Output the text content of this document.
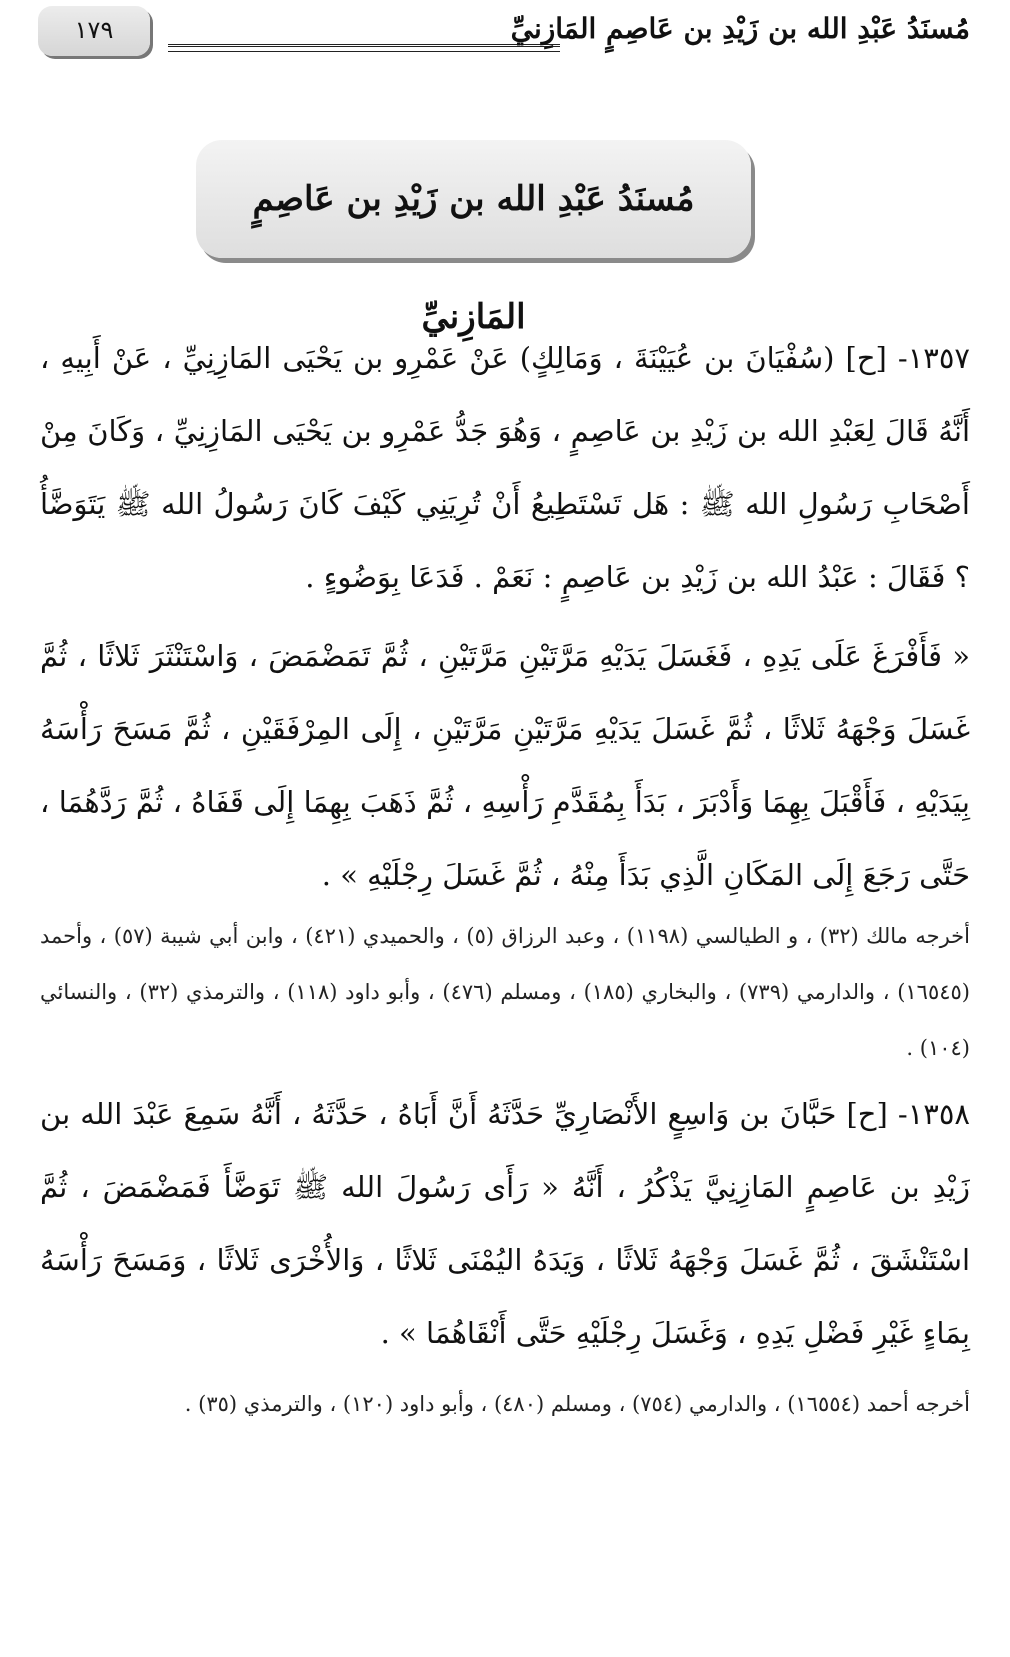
١٧٩	مُسنَدُ عَبْدِ الله بن زَيْدِ بن عَاصِمٍ المَازِنيِّ
مُسنَدُ عَبْدِ الله بن زَيْدِ بن عَاصِمٍ المَازِنيِّ

١٣٥٧- [ح] (سُفْيَانَ بن عُيَيْنَةَ ، وَمَالِكٍ) عَنْ عَمْرِو بن يَحْيَى المَازِنِيِّ ، عَنْ أَبِيهِ ، أَنَّهُ قَالَ لِعَبْدِ الله بن زَيْدِ بن عَاصِمٍ ، وَهُوَ جَدُّ عَمْرِو بن يَحْيَى المَازِنِيِّ ، وَكَانَ مِنْ أَصْحَابِ رَسُولِ الله ﷺ : هَل تَسْتَطِيعُ أَنْ تُرِيَنِي كَيْفَ كَانَ رَسُولُ الله ﷺ يَتَوَضَّأُ ؟ فَقَالَ : عَبْدُ الله بن زَيْدِ بن عَاصِمٍ : نَعَمْ . فَدَعَا بِوَضُوءٍ .

« فَأَفْرَغَ عَلَى يَدِهِ ، فَغَسَلَ يَدَيْهِ مَرَّتَيْنِ مَرَّتَيْنِ ، ثُمَّ تَمَضْمَضَ ، وَاسْتَنْثَرَ ثَلاثًا ، ثُمَّ غَسَلَ وَجْهَهُ ثَلاثًا ، ثُمَّ غَسَلَ يَدَيْهِ مَرَّتَيْنِ مَرَّتَيْنِ ، إِلَى المِرْفَقَيْنِ ، ثُمَّ مَسَحَ رَأْسَهُ بِيَدَيْهِ ، فَأَقْبَلَ بِهِمَا وَأَدْبَرَ ، بَدَأَ بِمُقَدَّمِ رَأْسِهِ ، ثُمَّ ذَهَبَ بِهِمَا إِلَى قَفَاهُ ، ثُمَّ رَدَّهُمَا ، حَتَّى رَجَعَ إِلَى المَكَانِ الَّذِي بَدَأَ مِنْهُ ، ثُمَّ غَسَلَ رِجْلَيْهِ » .

أخرجه مالك (٣٢) ، و الطيالسي (١١٩٨) ، وعبد الرزاق (٥) ، والحميدي (٤٢١) ، وابن أبي شيبة (٥٧) ، وأحمد (١٦٥٤٥) ، والدارمي (٧٣٩) ، والبخاري (١٨٥) ، ومسلم (٤٧٦) ، وأبو داود (١١٨) ، والترمذي (٣٢) ، والنسائي (١٠٤) .

١٣٥٨- [ح] حَبَّانَ بن وَاسِعٍ الأَنْصَارِيِّ حَدَّثَهُ أَنَّ أَبَاهُ ، حَدَّثَهُ ، أَنَّهُ سَمِعَ عَبْدَ الله بن زَيْدِ بن عَاصِمٍ المَازِنِيَّ يَذْكُرُ ، أَنَّهُ « رَأَى رَسُولَ الله ﷺ تَوَضَّأَ فَمَضْمَضَ ، ثُمَّ اسْتَنْشَقَ ، ثُمَّ غَسَلَ وَجْهَهُ ثَلاثًا ، وَيَدَهُ اليُمْنَى ثَلاثًا ، وَالأُخْرَى ثَلاثًا ، وَمَسَحَ رَأْسَهُ بِمَاءٍ غَيْرِ فَضْلِ يَدِهِ ، وَغَسَلَ رِجْلَيْهِ حَتَّى أَنْقَاهُمَا » .

أخرجه أحمد (١٦٥٥٤) ، والدارمي (٧٥٤) ، ومسلم (٤٨٠) ، وأبو داود (١٢٠) ، والترمذي (٣٥) .
